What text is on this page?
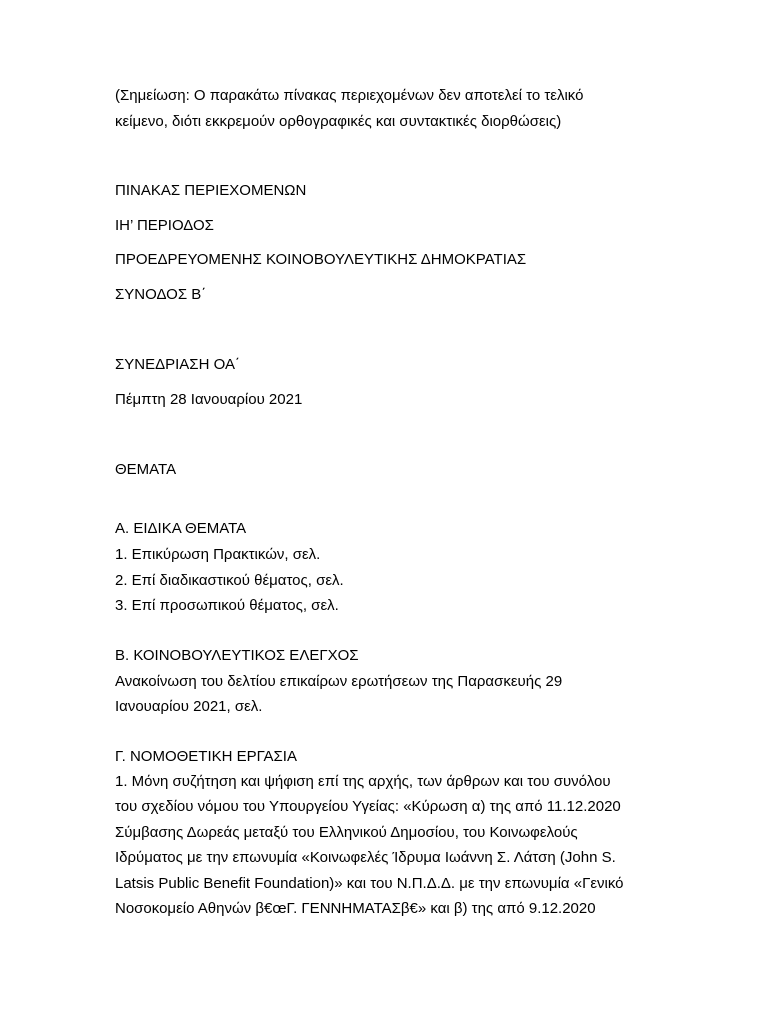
(Σημείωση: Ο παρακάτω πίνακας περιεχομένων δεν αποτελεί το τελικό

κείμενο, διότι εκκρεμούν ορθογραφικές και συντακτικές διορθώσεις)

ΠΙΝΑΚΑΣ ΠΕΡΙΕΧΟΜΕΝΩΝ

ΙΗ’ ΠΕΡΙΟΔΟΣ

ΠΡΟΕΔΡΕΥΟΜΕΝΗΣ ΚΟΙΝΟΒΟΥΛΕΥΤΙΚΗΣ ΔΗΜΟΚΡΑΤΙΑΣ

ΣΥΝΟΔΟΣ Β΄

ΣΥΝΕΔΡΙΑΣΗ ΟΑ΄

Πέμπτη 28 Ιανουαρίου 2021

ΘΕΜΑΤΑ

Α. ΕΙΔΙΚΑ ΘΕΜΑΤΑ

1. Επικύρωση Πρακτικών, σελ.

2. Επί διαδικαστικού θέματος, σελ.

3. Επί προσωπικού θέματος, σελ.

Β. ΚΟΙΝΟΒΟΥΛΕΥΤΙΚΟΣ ΕΛΕΓΧΟΣ

Ανακοίνωση του δελτίου επικαίρων ερωτήσεων της Παρασκευής 29

Ιανουαρίου 2021, σελ.

Γ. ΝΟΜΟΘΕΤΙΚΗ ΕΡΓΑΣΙΑ

1. Μόνη συζήτηση και ψήφιση επί της αρχής, των άρθρων και του συνόλου

του σχεδίου νόμου του Υπουργείου Υγείας: «Κύρωση α) της από 11.12.2020

Σύμβασης Δωρεάς μεταξύ του Ελληνικού Δημοσίου, του Κοινωφελούς

Ιδρύματος με την επωνυμία «Κοινωφελές Ίδρυμα Ιωάννη Σ. Λάτση (John S.

Latsis Public Benefit Foundation)» και του Ν.Π.Δ.Δ. με την επωνυμία «Γενικό

Νοσοκομείο Αθηνών β€œΓ. ΓΕΝΝΗΜΑΤΑΣβ€» και β) της από 9.12.2020
